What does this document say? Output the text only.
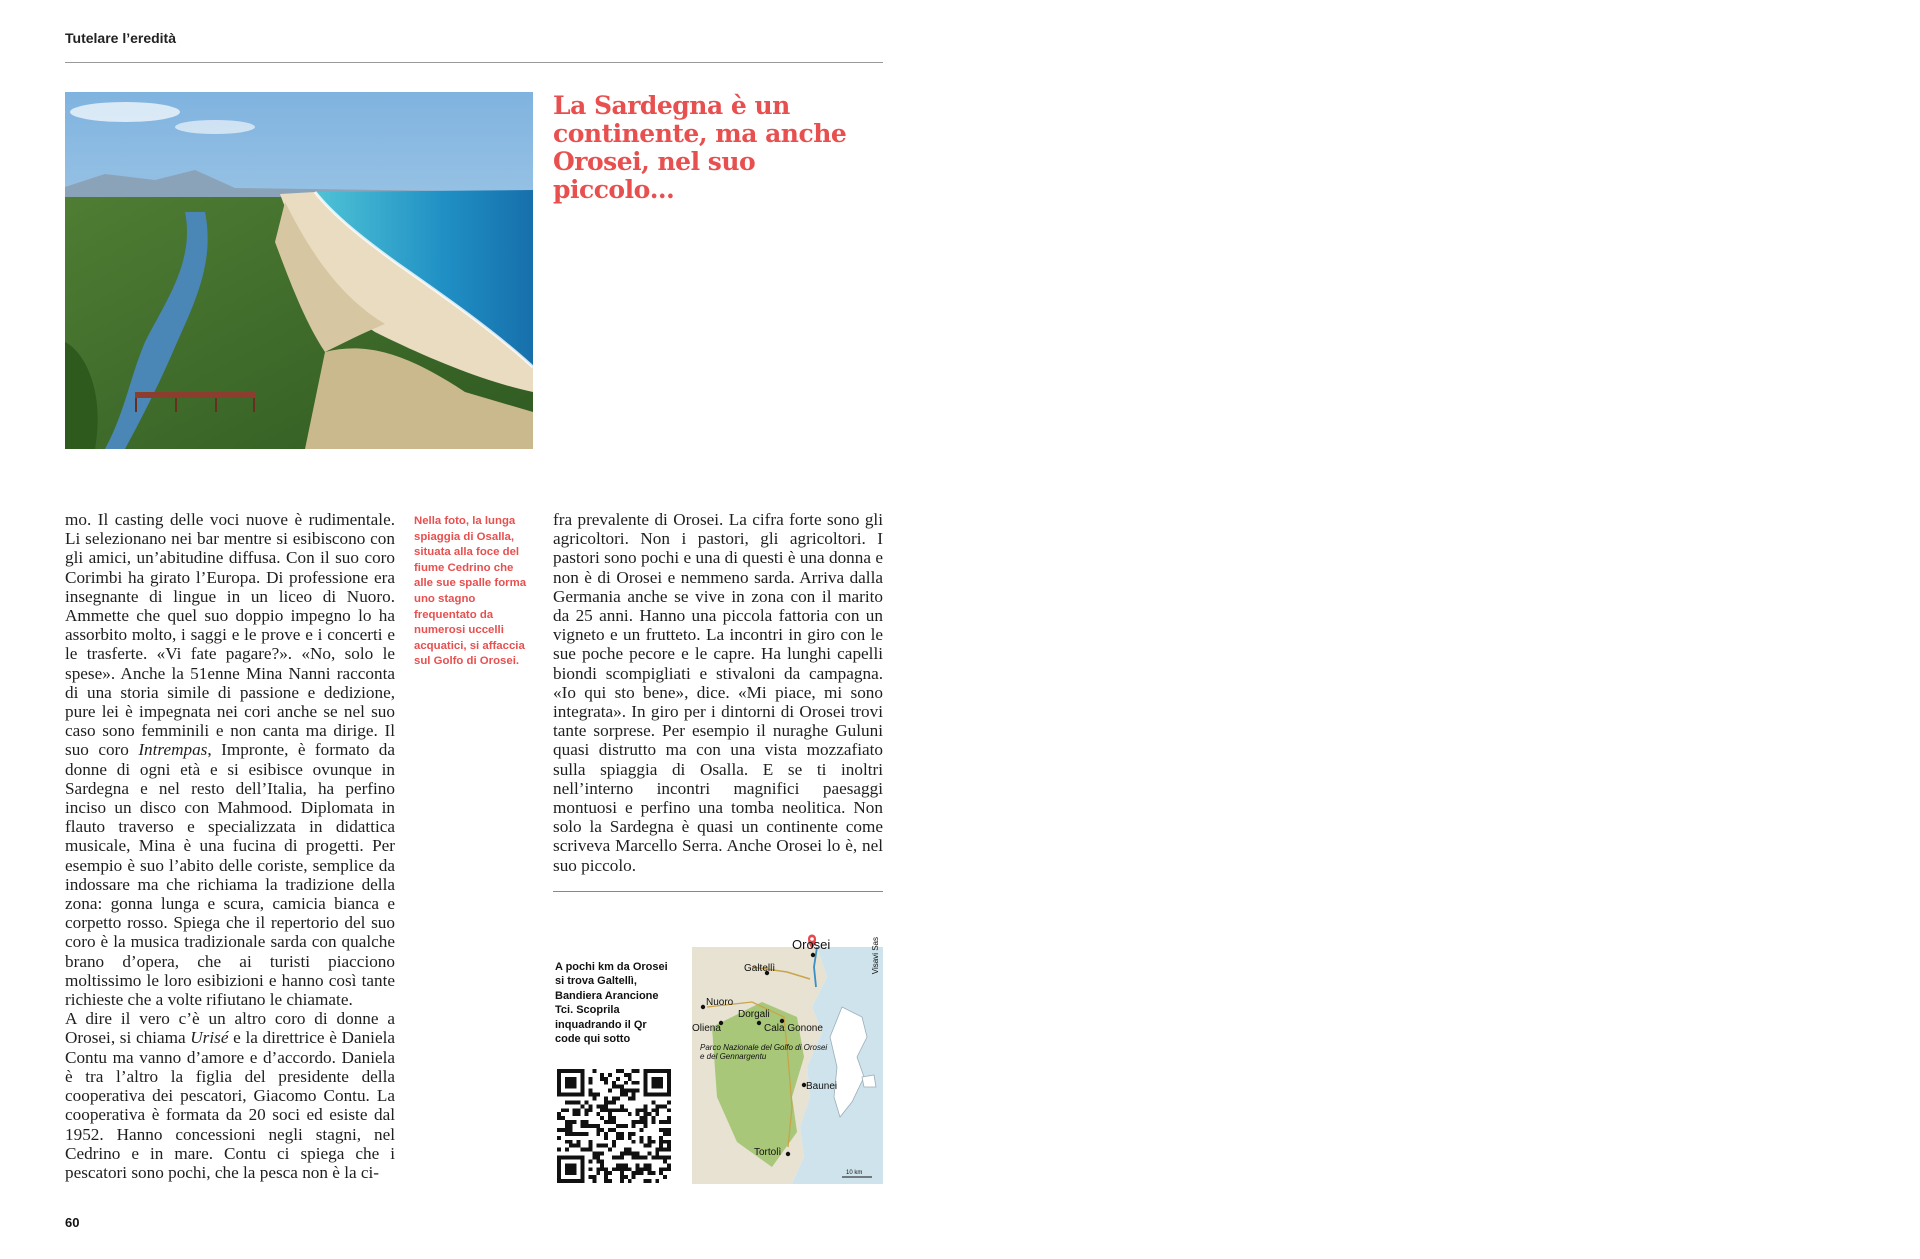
Tutelare l’eredità
La Sardegna è un continente, ma anche Orosei, nel suo piccolo…

mo. Il casting delle voci nuove è rudimentale. Li selezionano nei bar mentre si esibiscono con gli amici, un’abitudine diffusa. Con il suo coro Corimbi ha girato l’Europa. Di professione era insegnante di lingue in un liceo di Nuoro. Ammette che quel suo doppio impegno lo ha assorbito molto, i saggi e le prove e i concerti e le trasferte. «Vi fate pagare?». «No, solo le spese». Anche la 51enne Mina Nanni racconta di una storia simile di passione e dedizione, pure lei è impegnata nei cori anche se nel suo caso sono femminili e non canta ma dirige. Il suo coro Intrempas, Impronte, è formato da donne di ogni età e si esibisce ovunque in Sardegna e nel resto dell’Italia, ha perfino inciso un disco con Mahmood. Diplomata in flauto traverso e specializzata in didattica musicale, Mina è una fucina di progetti. Per esempio è suo l’abito delle coriste, semplice da indossare ma che richiama la tradizione della zona: gonna lunga e scura, camicia bianca e corpetto rosso. Spiega che il repertorio del suo coro è la musica tradizionale sarda con qualche brano d’opera, che ai turisti piacciono moltissimo le loro esibizioni e hanno così tante richieste che a volte rifiutano le chiamate.

A dire il vero c’è un altro coro di donne a Orosei, si chiama Urisé e la direttrice è Daniela Contu ma vanno d’amore e d’accordo. Daniela è tra l’altro la figlia del presidente della cooperativa dei pescatori, Giacomo Contu. La cooperativa è formata da 20 soci ed esiste dal 1952. Hanno concessioni negli stagni, nel Cedrino e in mare. Contu ci spiega che i pescatori sono pochi, che la pesca non è la ci-

Nella foto, la lunga spiaggia di Osalla, situata alla foce del fiume Cedrino che alle sue spalle forma uno stagno frequentato da numerosi uccelli acquatici, si affaccia sul Golfo di Orosei.

fra prevalente di Orosei. La cifra forte sono gli agricoltori. Non i pastori, gli agricoltori. I pastori sono pochi e una di questi è una donna e non è di Orosei e nemmeno sarda. Arriva dalla Germania anche se vive in zona con il marito da 25 anni. Hanno una piccola fattoria con un vigneto e un frutteto. La incontri in giro con le sue poche pecore e le capre. Ha lunghi capelli biondi scompigliati e stivaloni da campagna. «Io qui sto bene», dice. «Mi piace, mi sono integrata». In giro per i dintorni di Orosei trovi tante sorprese. Per esempio il nuraghe Guluni quasi distrutto ma con una vista mozzafiato sulla spiaggia di Osalla. E se ti inoltri nell’interno incontri magnifici paesaggi montuosi e perfino una tomba neolitica. Non solo la Sardegna è quasi un continente come scriveva Marcello Serra. Anche Orosei lo è, nel suo piccolo.

A pochi km da Orosei si trova Galtellì, Bandiera Arancione Tci. Scoprila inquadrando il Qr code qui sotto

Orosei
Galtellì
Nuoro
Dorgali
Oliena	Cala Gonone
Baunei
Tortolì
Parco Nazionale del Golfo di Orosei e del Gennargentu
10 km
Visavi Sas
60
